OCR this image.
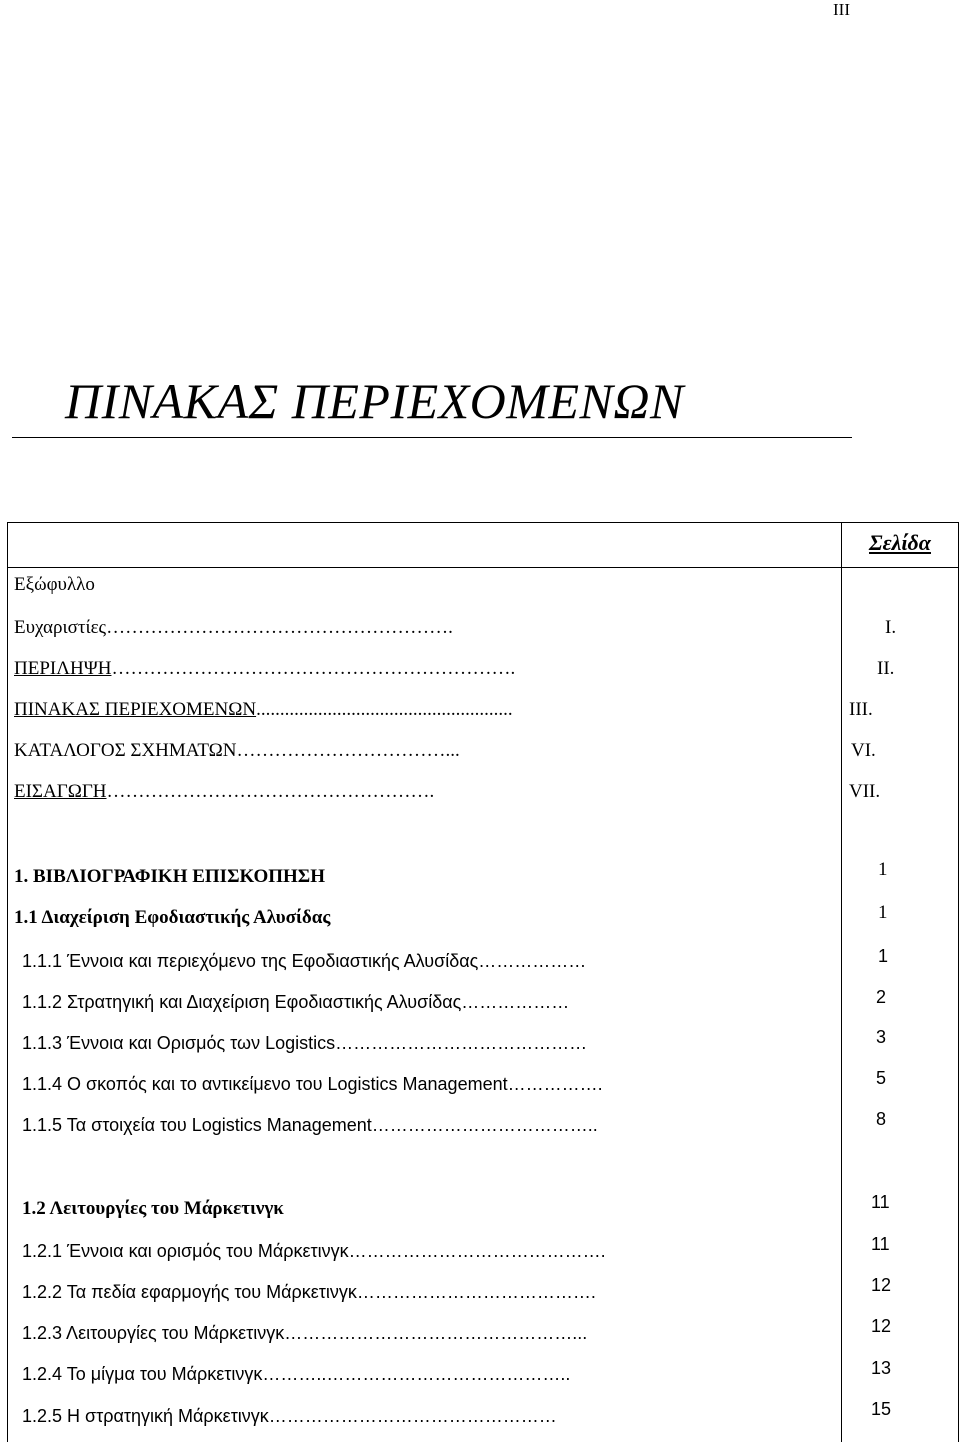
III
ΠΙΝΑΚΑΣ ΠΕΡΙΕΧΟΜΕΝΩΝ
Σελίδα
Εξώφυλλο
Ευχαριστίες……………………………………………….
ΠΕΡΙΛΗΨΗ……………………………………………………….
ΠΙΝΑΚΑΣ ΠΕΡΙΕΧΟΜΕΝΩΝ......................................................
ΚΑΤΑΛΟΓΟΣ ΣΧΗΜΑΤΩΝ……………………………...
ΕΙΣΑΓΩΓΗ…………………………………………….
I.
II.
III.
VI.
VII.
1. ΒΙΒΛΙΟΓΡΑΦΙΚΗ ΕΠΙΣΚΟΠΗΣΗ
1.1 Διαχείριση Εφοδιαστικής Αλυσίδας
1.1.1 Έννοια και περιεχόμενο της Εφοδιαστικής Αλυσίδας………………
1.1.2 Στρατηγική και Διαχείριση Εφοδιαστικής Αλυσίδας………………
1.1.3 Έννοια και Ορισμός των Logistics……………………………………
1.1.4 Ο σκοπός και το αντικείμενο του Logistics Management…………….
1.1.5 Τα στοιχεία του Logistics Management………………………………..
1
1
1
2
3
5
8
1.2 Λειτουργίες του Μάρκετινγκ
1.2.1 Έννοια και ορισμός του Μάρκετινγκ…………………………………….
1.2.2 Τα πεδία εφαρμογής του Μάρκετινγκ………………………………….
1.2.3 Λειτουργίες του Μάρκετινγκ…………………………………………...
1.2.4 Το μίγμα του Μάρκετινγκ………..…………………………………..
1.2.5 Η στρατηγική Μάρκετινγκ…………………………………………
11
11
12
12
13
15
